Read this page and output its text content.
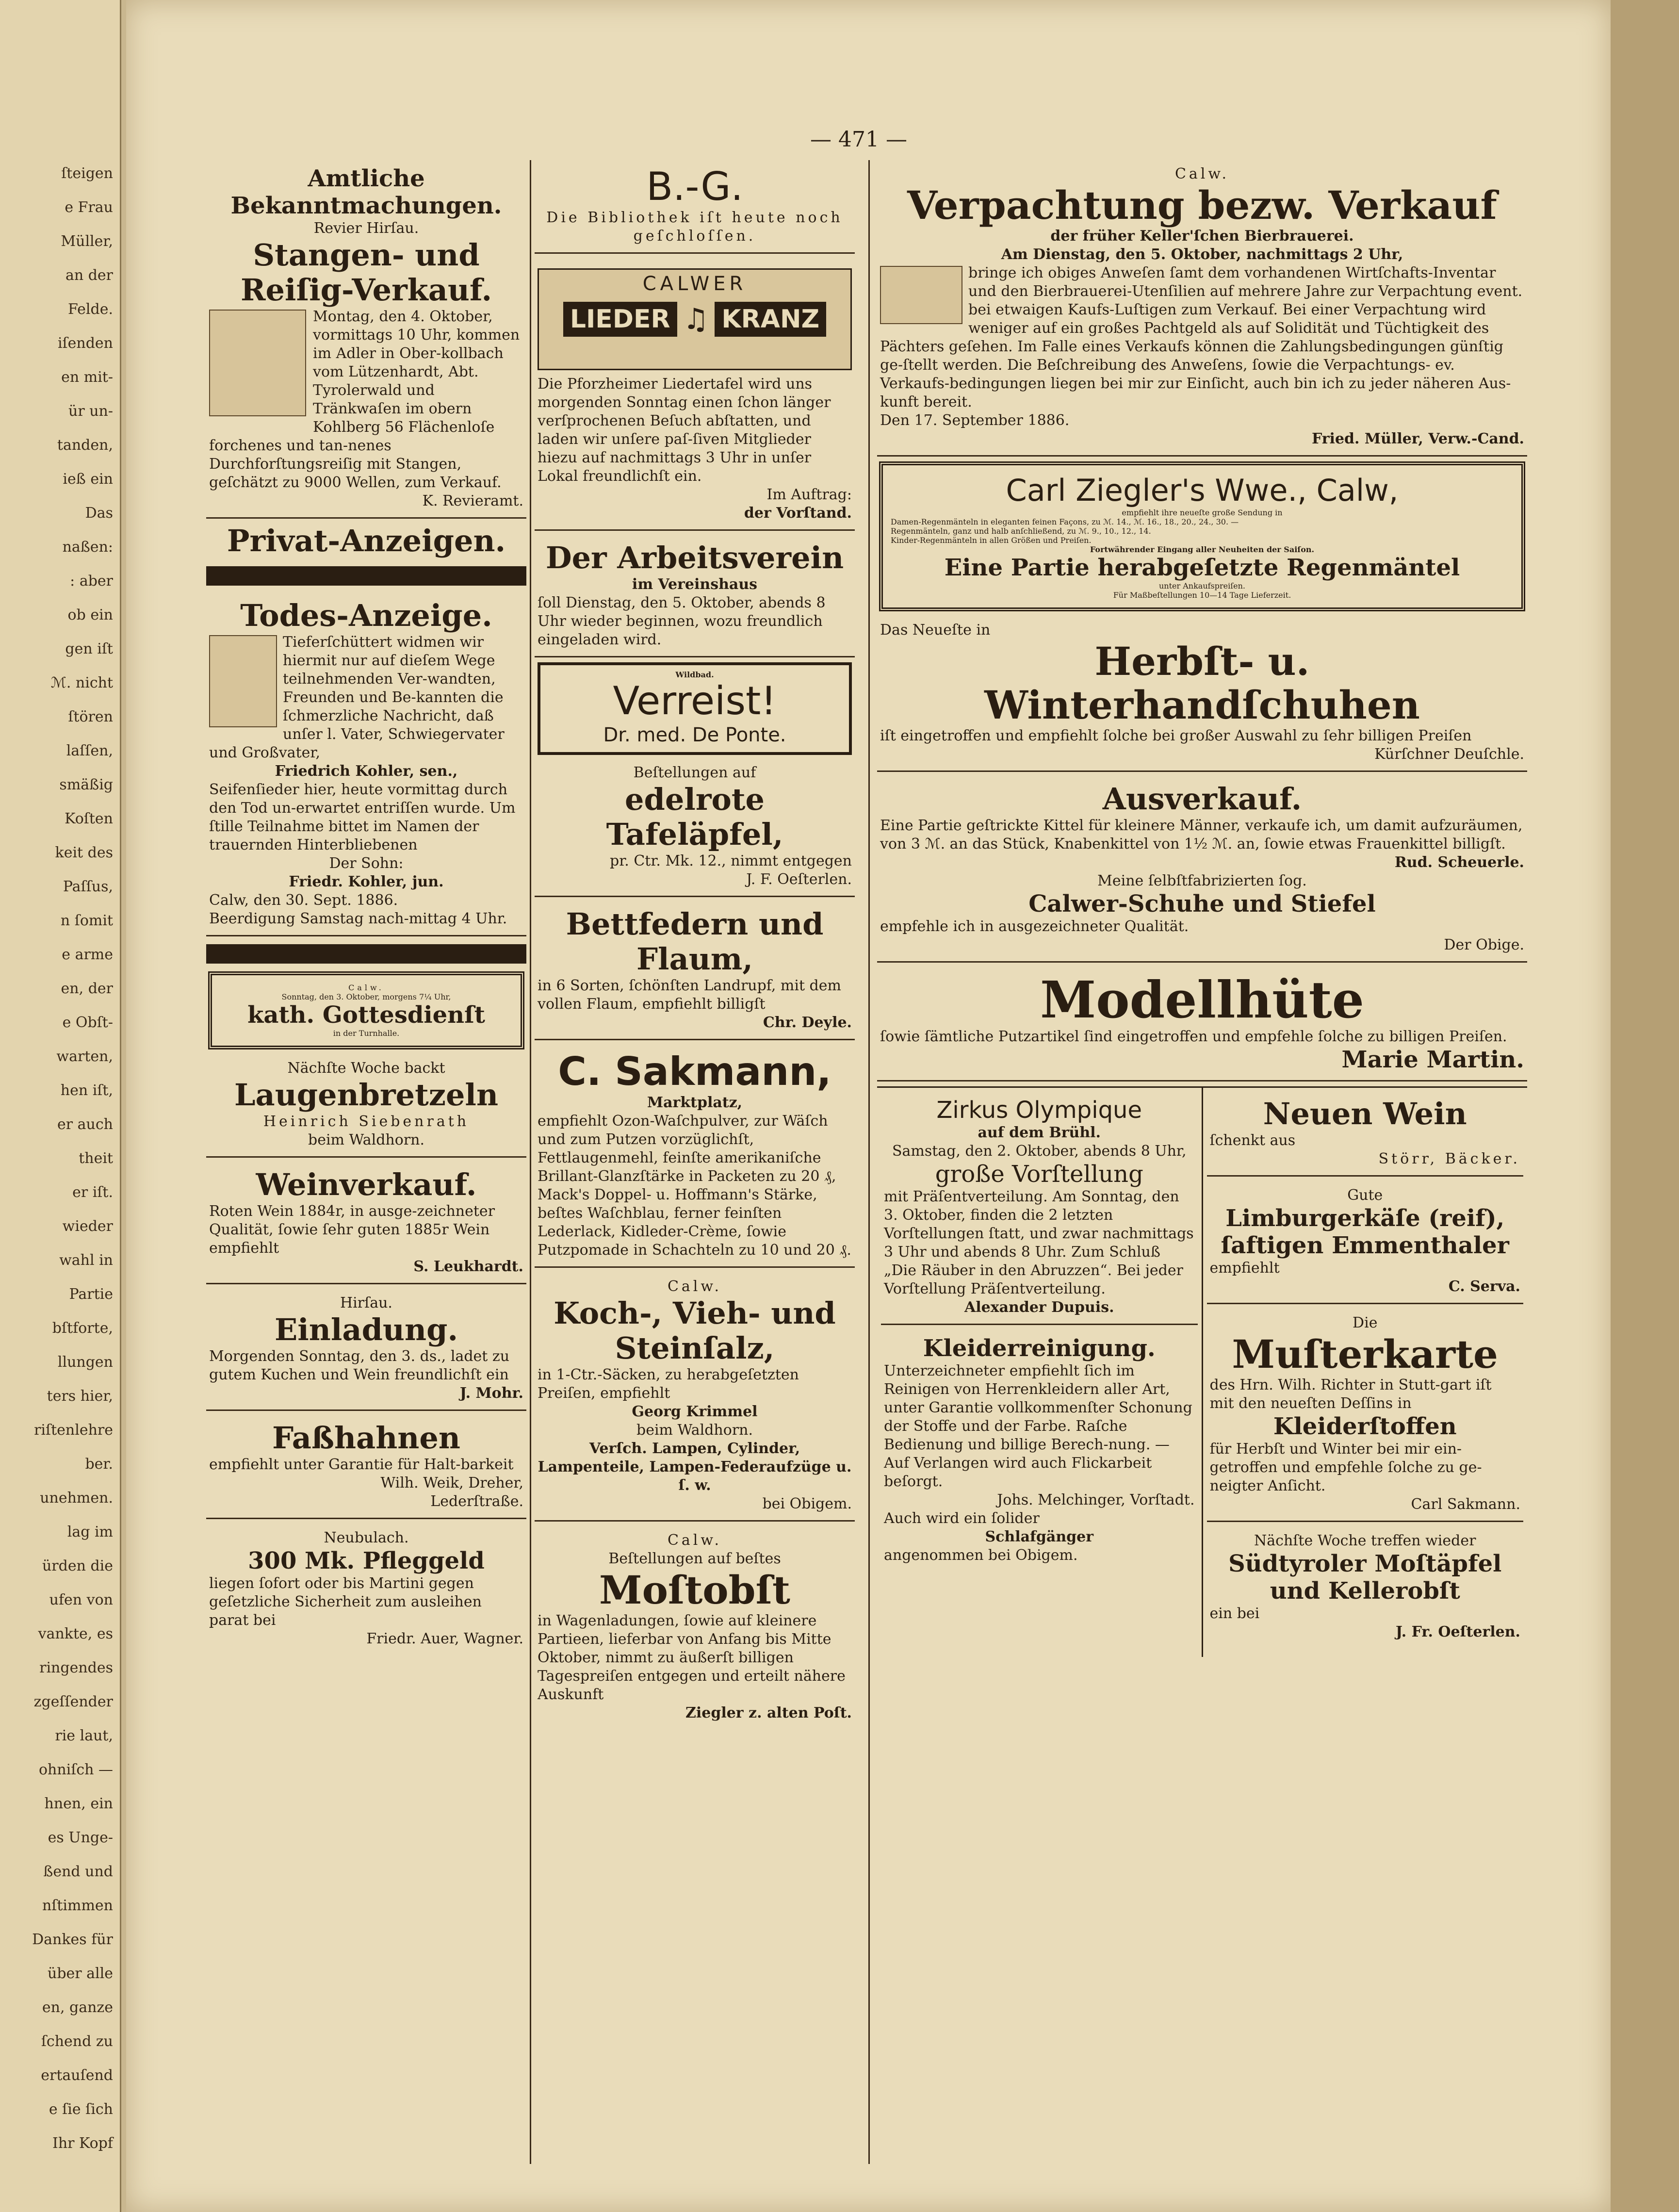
ſteigen

e Frau

Müller,

an der

Felde.

iſenden

en mit-

ür un-

tanden,

ieß ein

Das

naßen:

: aber

ob ein

gen iſt

ℳ. nicht

ſtören

laſſen,

smäßig

Koſten

keit des

Paſſus,

n ſomit

e arme

en, der

e Obſt-

warten,

hen iſt,

er auch

theit

er iſt.

wieder

wahl in

Partie

bſtforte,

llungen

ters hier,

riſtenlehre

ber.

unehmen.

lag im

ürden die

ufen von

vankte, es

ringendes

zgeſſender

rie laut,

ohniſch —

hnen, ein

es Unge-

ßend und

nſtimmen

Dankes für

über alle

en, ganze

ſchend zu

ertauſend

e ſie ſich

Ihr Kopf

— 471 —

Amtliche Bekanntmachungen.

Revier Hirſau.

Stangen- und Reiſig-Verkauf.

Montag, den 4. Oktober, vormittags 10 Uhr, kommen im Adler in Ober-kollbach vom Lützenhardt, Abt. Tyrolerwald und Tränkwaſen im obern Kohlberg 56 Flächenloſe forchenes und tan-nenes Durchforſtungsreiſig mit Stangen, geſchätzt zu 9000 Wellen, zum Verkauf.

K. Revieramt.

Privat-Anzeigen.

Todes-Anzeige.

Tieferſchüttert widmen wir hiermit nur auf dieſem Wege teilnehmenden Ver-wandten, Freunden und Be-kannten die ſchmerzliche Nachricht, daß unſer l. Vater, Schwiegervater und Großvater,

Friedrich Kohler, sen.,

Seifenſieder hier, heute vormittag durch den Tod un-erwartet entriſſen wurde. Um ſtille Teilnahme bittet im Namen der trauernden Hinterbliebenen

Der Sohn:

Friedr. Kohler, jun.

Calw, den 30. Sept. 1886.

Beerdigung Samstag nach-mittag 4 Uhr.

Calw.

Sonntag, den 3. Oktober, morgens 7¼ Uhr,

kath. Gottesdienſt

in der Turnhalle.

Nächſte Woche backt

Laugenbretzeln

Heinrich Siebenrath

beim Waldhorn.

Weinverkauf.

Roten Wein 1884r, in ausge-zeichneter Qualität, ſowie ſehr guten 1885r Wein empfiehlt

S. Leukhardt.

Hirſau.

Einladung.

Morgenden Sonntag, den 3. ds., ladet zu gutem Kuchen und Wein freundlichſt ein

J. Mohr.

Faßhahnen

empfiehlt unter Garantie für Halt-barkeit

Wilh. Weik, Dreher,

Lederſtraße.

Neubulach.

300 Mk. Pfleggeld

liegen ſofort oder bis Martini gegen geſetzliche Sicherheit zum ausleihen parat bei

Friedr. Auer, Wagner.

B.-G.

Die Bibliothek iſt heute noch geſchloſſen.

CALWER
LIEDER ♫ KRANZ

Die Pforzheimer Liedertafel wird uns morgenden Sonntag einen ſchon länger verſprochenen Beſuch abſtatten, und laden wir unſere paſ-ſiven Mitglieder hiezu auf nachmittags 3 Uhr in unſer Lokal freundlichſt ein.

Im Auftrag:

der Vorſtand.

Der Arbeitsverein

im Vereinshaus

ſoll Dienstag, den 5. Oktober, abends 8 Uhr wieder beginnen, wozu freundlich eingeladen wird.

Wildbad.

Verreist!

Dr. med. De Ponte.

Beſtellungen auf

edelrote Tafeläpfel,

pr. Ctr. Mk. 12., nimmt entgegen

J. F. Oeſterlen.

Bettfedern und Flaum,

in 6 Sorten, ſchönſten Landrupf, mit dem vollen Flaum, empfiehlt billigſt

Chr. Deyle.

C. Sakmann,

Marktplatz,

empfiehlt Ozon-Waſchpulver, zur Wäſch und zum Putzen vorzüglichſt, Fettlaugenmehl, feinſte amerikaniſche Brillant-Glanzſtärke in Packeten zu 20 ₰, Mack's Doppel- u. Hoffmann's Stärke, beſtes Waſchblau, ferner feinſten Lederlack, Kidleder-Crème, ſowie Putzpomade in Schachteln zu 10 und 20 ₰.

Calw.

Koch-, Vieh- und Steinſalz,

in 1-Ctr.-Säcken, zu herabgeſetzten Preiſen, empfiehlt

Georg Krimmel

beim Waldhorn.

Verſch. Lampen, Cylinder, Lampenteile, Lampen-Federaufzüge u. ſ. w.

bei Obigem.

Calw.

Beſtellungen auf beſtes

Moſtobſt

in Wagenladungen, ſowie auf kleinere Partieen, lieferbar von Anfang bis Mitte Oktober, nimmt zu äußerſt billigen Tagespreiſen entgegen und erteilt nähere Auskunft

Ziegler z. alten Poſt.

Calw.

Verpachtung bezw. Verkauf

der früher Keller'ſchen Bierbrauerei.

Am Dienstag, den 5. Oktober, nachmittags 2 Uhr,

bringe ich obiges Anweſen ſamt dem vorhandenen Wirtſchafts-Inventar und den Bierbrauerei-Utenſilien auf mehrere Jahre zur Verpachtung event. bei etwaigen Kaufs-Luſtigen zum Verkauf. Bei einer Verpachtung wird weniger auf ein großes Pachtgeld als auf Solidität und Tüchtigkeit des Pächters geſehen. Im Falle eines Verkaufs können die Zahlungsbedingungen günſtig ge-ſtellt werden. Die Beſchreibung des Anweſens, ſowie die Verpachtungs- ev. Verkaufs-bedingungen liegen bei mir zur Einſicht, auch bin ich zu jeder näheren Aus-kunft bereit.

Den 17. September 1886.

Fried. Müller, Verw.-Cand.

Carl Ziegler's Wwe., Calw,

empfiehlt ihre neueſte große Sendung in

Damen-Regenmänteln in eleganten feinen Façons, zu ℳ. 14., ℳ. 16., 18., 20., 24., 30. —

Regenmänteln, ganz und halb anſchließend, zu ℳ. 9., 10., 12., 14.

Kinder-Regenmänteln in allen Größen und Preiſen.

Fortwährender Eingang aller Neuheiten der Saiſon.

Eine Partie herabgeſetzte Regenmäntel

unter Ankaufspreiſen.

Für Maßbeſtellungen 10—14 Tage Lieferzeit.

Das Neueſte in

Herbſt- u. Winterhandſchuhen

iſt eingetroffen und empfiehlt ſolche bei großer Auswahl zu ſehr billigen Preiſen

Kürſchner Deuſchle.

Ausverkauf.

Eine Partie geſtrickte Kittel für kleinere Männer, verkaufe ich, um damit aufzuräumen, von 3 ℳ. an das Stück, Knabenkittel von 1½ ℳ. an, ſowie etwas Frauenkittel billigſt.

Rud. Scheuerle.

Meine ſelbſtfabrizierten ſog.

Calwer-Schuhe und Stiefel

empfehle ich in ausgezeichneter Qualität.

Der Obige.

Modellhüte

ſowie ſämtliche Putzartikel ſind eingetroffen und empfehle ſolche zu billigen Preiſen.

Marie Martin.

Zirkus Olympique

auf dem Brühl.

Samstag, den 2. Oktober, abends 8 Uhr,

große Vorſtellung

mit Präſentverteilung. Am Sonntag, den 3. Oktober, finden die 2 letzten Vorſtellungen ſtatt, und zwar nachmittags 3 Uhr und abends 8 Uhr. Zum Schluß „Die Räuber in den Abruzzen“. Bei jeder Vorſtellung Präſentverteilung.

Alexander Dupuis.

Kleiderreinigung.

Unterzeichneter empfiehlt ſich im Reinigen von Herrenkleidern aller Art, unter Garantie vollkommenſter Schonung der Stoffe und der Farbe. Raſche Bedienung und billige Berech-nung. — Auf Verlangen wird auch Flickarbeit beſorgt.

Johs. Melchinger, Vorſtadt.

Auch wird ein ſolider

Schlafgänger

angenommen bei Obigem.

Neuen Wein

ſchenkt aus

Störr, Bäcker.

Gute

Limburgerkäſe (reif), ſaftigen Emmenthaler

empfiehlt

C. Serva.

Die

Muſterkarte

des Hrn. Wilh. Richter in Stutt-gart iſt mit den neueſten Deſſins in

Kleiderſtoffen

für Herbſt und Winter bei mir ein-getroffen und empfehle ſolche zu ge-neigter Anſicht.

Carl Sakmann.

Nächſte Woche treffen wieder

Südtyroler Moſtäpfel und Kellerobſt

ein bei

J. Fr. Oeſterlen.
